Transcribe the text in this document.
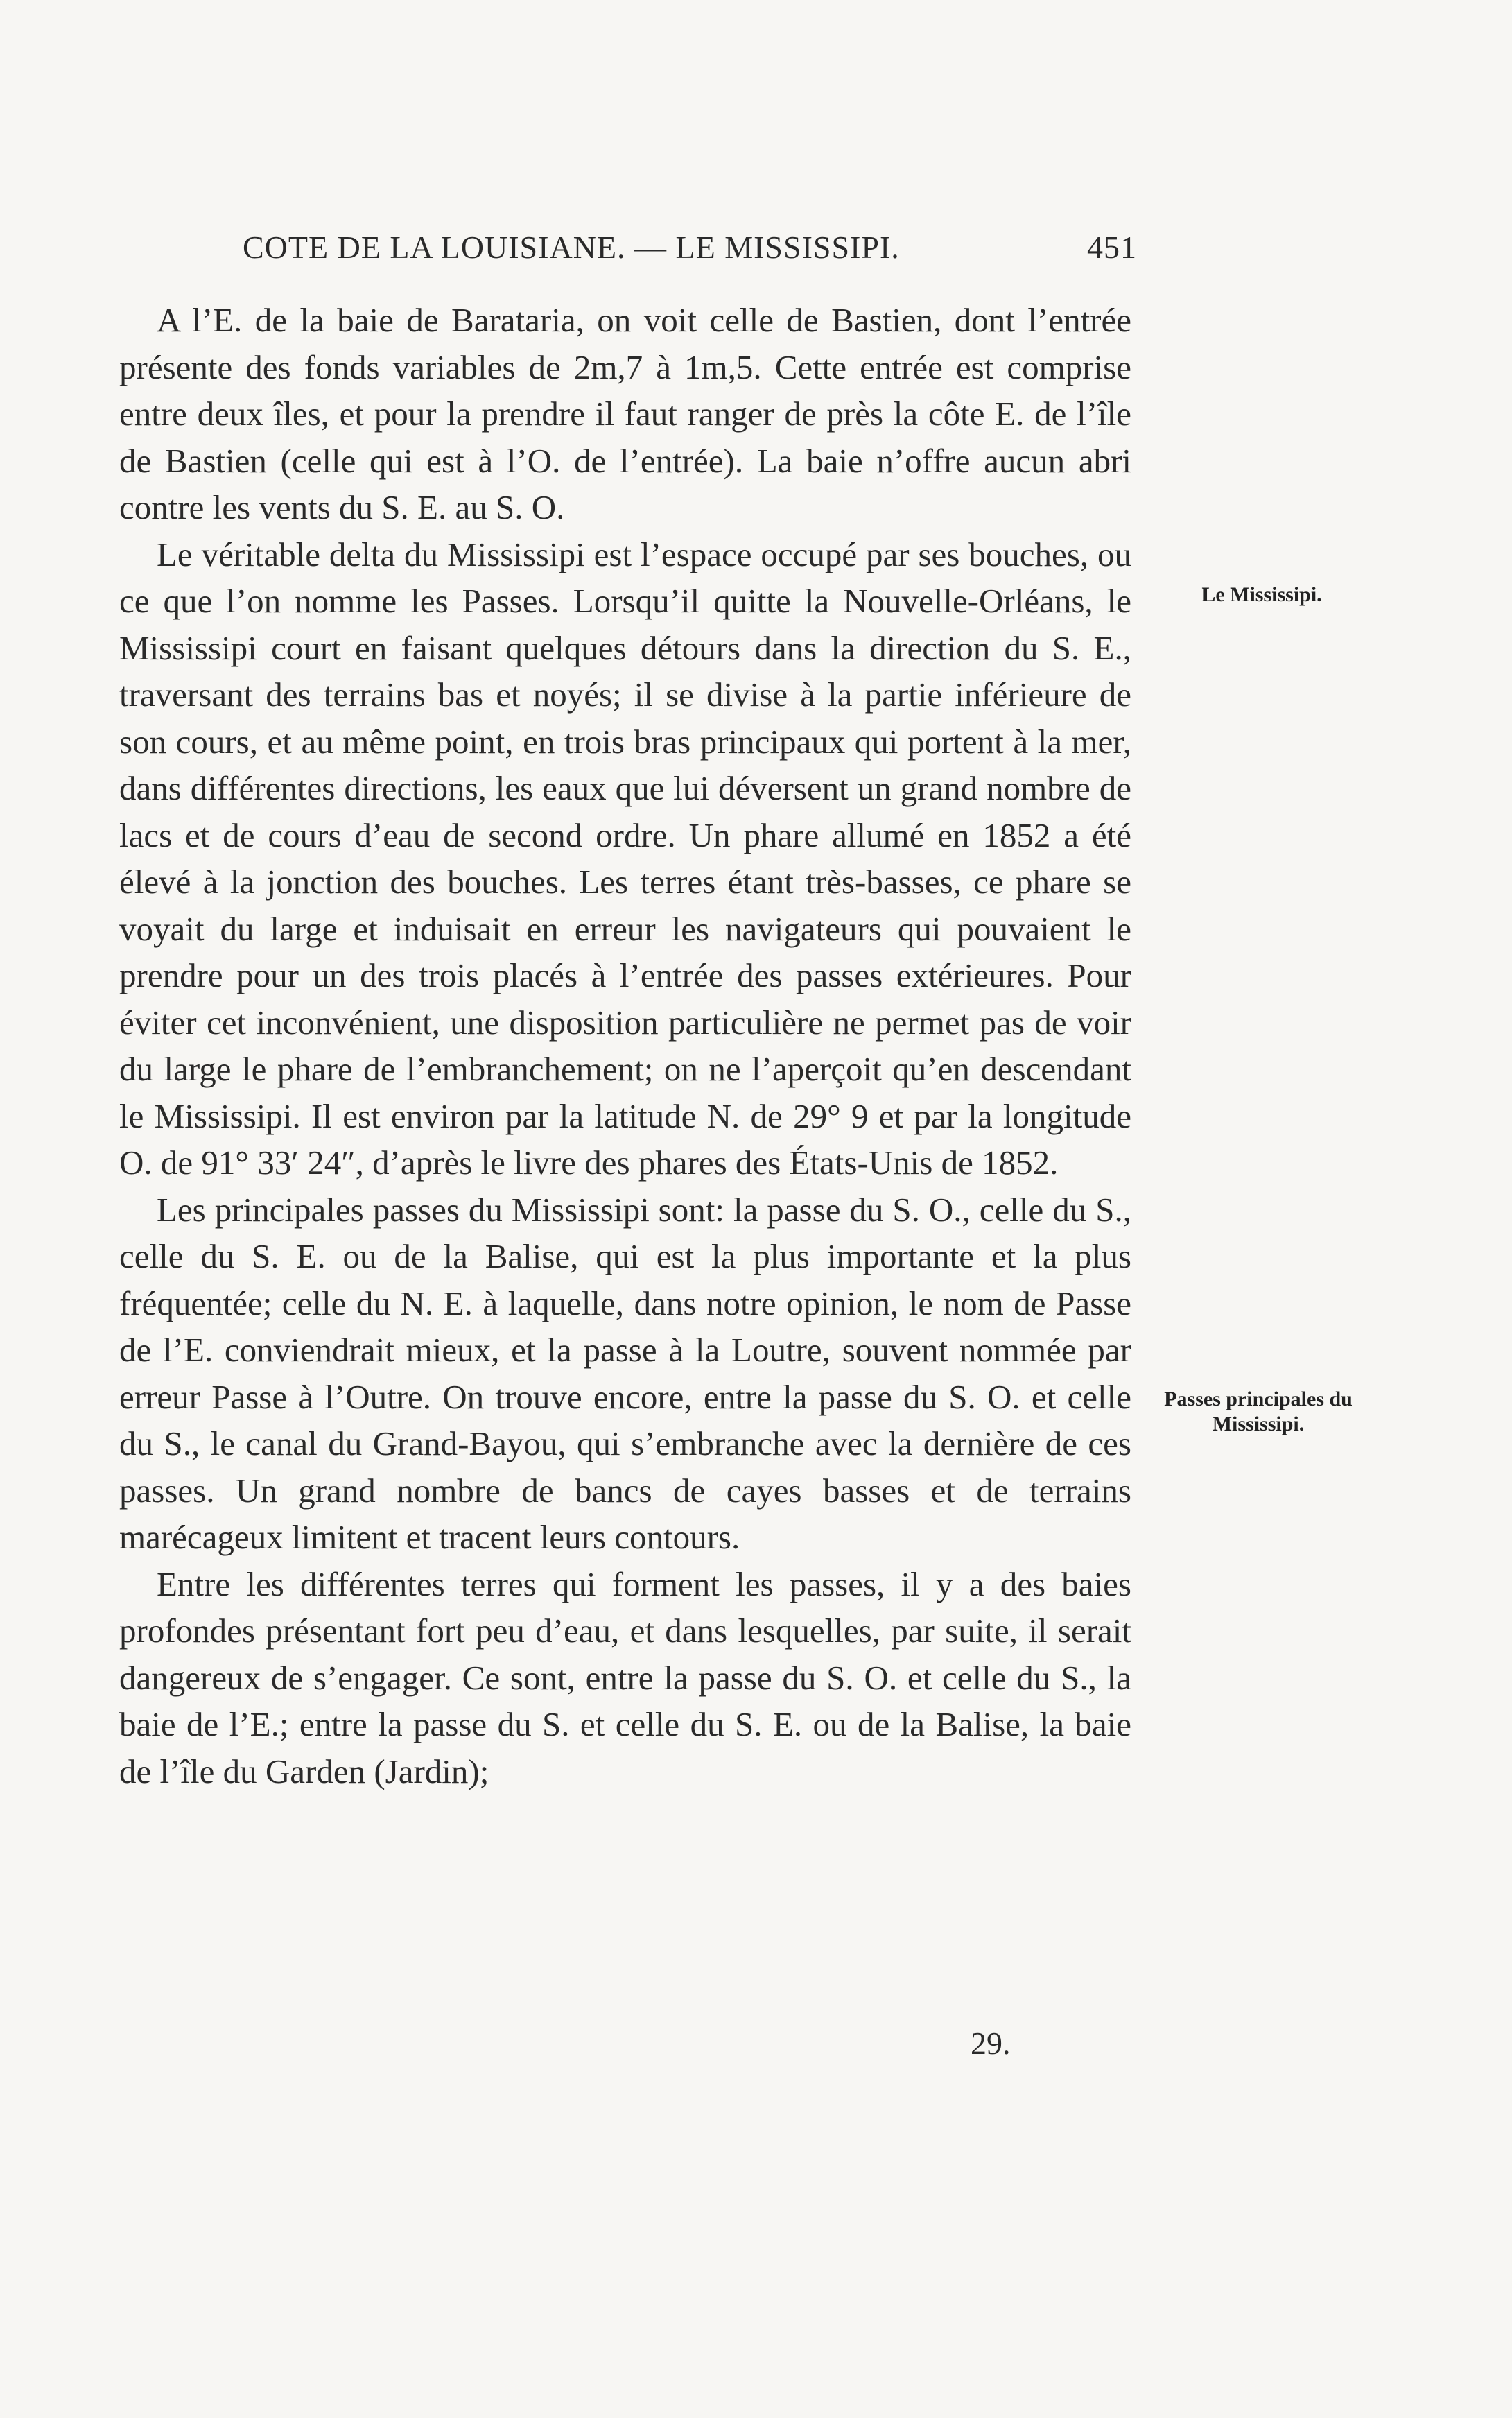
COTE DE LA LOUISIANE. — LE MISSISSIPI.	451

A l’E. de la baie de Barataria, on voit celle de Bastien, dont l’entrée présente des fonds variables de 2m,7 à 1m,5. Cette entrée est comprise entre deux îles, et pour la prendre il faut ranger de près la côte E. de l’île de Bastien (celle qui est à l’O. de l’entrée). La baie n’offre aucun abri contre les vents du S. E. au S. O.

Le véritable delta du Mississipi est l’espace occupé par ses bouches, ou ce que l’on nomme les Passes. Lorsqu’il quitte la Nouvelle-Orléans, le Mississipi court en faisant quelques détours dans la direction du S. E., traversant des terrains bas et noyés; il se divise à la partie inférieure de son cours, et au même point, en trois bras principaux qui portent à la mer, dans différentes directions, les eaux que lui déversent un grand nombre de lacs et de cours d’eau de second ordre. Un phare allumé en 1852 a été élevé à la jonction des bouches. Les terres étant très-basses, ce phare se voyait du large et induisait en erreur les navigateurs qui pouvaient le prendre pour un des trois placés à l’entrée des passes extérieures. Pour éviter cet inconvénient, une disposition particulière ne permet pas de voir du large le phare de l’embranchement; on ne l’aperçoit qu’en descendant le Mississipi. Il est environ par la latitude N. de 29° 9 et par la longitude O. de 91° 33′ 24″, d’après le livre des phares des États-Unis de 1852.

Les principales passes du Mississipi sont: la passe du S. O., celle du S., celle du S. E. ou de la Balise, qui est la plus importante et la plus fréquentée; celle du N. E. à laquelle, dans notre opinion, le nom de Passe de l’E. conviendrait mieux, et la passe à la Loutre, souvent nommée par erreur Passe à l’Outre. On trouve encore, entre la passe du S. O. et celle du S., le canal du Grand-Bayou, qui s’embranche avec la dernière de ces passes. Un grand nombre de bancs de cayes basses et de terrains marécageux limitent et tracent leurs contours.

Entre les différentes terres qui forment les passes, il y a des baies profondes présentant fort peu d’eau, et dans lesquelles, par suite, il serait dangereux de s’engager. Ce sont, entre la passe du S. O. et celle du S., la baie de l’E.; entre la passe du S. et celle du S. E. ou de la Balise, la baie de l’île du Garden (Jardin);

Le Mississipi.
Passes principales du Mississipi.
29.
